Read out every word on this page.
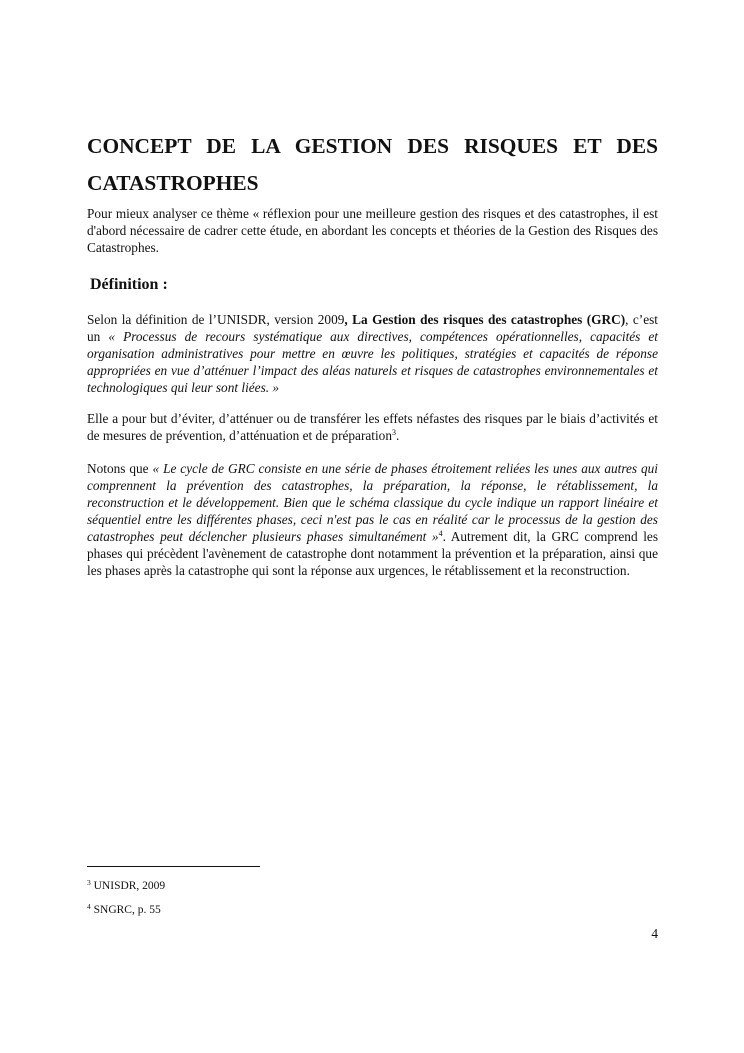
CONCEPT DE LA GESTION DES RISQUES ET DES CATASTROPHES

Pour mieux analyser ce thème « réflexion pour une meilleure gestion des risques et des catastrophes, il est d'abord nécessaire de cadrer cette étude, en abordant les concepts et théories de la Gestion des Risques des Catastrophes.

Définition :

Selon la définition de l’UNISDR, version 2009, La Gestion des risques des catastrophes (GRC), c’est un « Processus de recours systématique aux directives, compétences opérationnelles, capacités et organisation administratives pour mettre en œuvre les politiques, stratégies et capacités de réponse appropriées en vue d’atténuer l’impact des aléas naturels et risques de catastrophes environnementales et technologiques qui leur sont liées. »

Elle a pour but d’éviter, d’atténuer ou de transférer les effets néfastes des risques par le biais d’activités et de mesures de prévention, d’atténuation et de préparation$^3$.

Notons que « Le cycle de GRC consiste en une série de phases étroitement reliées les unes aux autres qui comprennent la prévention des catastrophes, la préparation, la réponse, le rétablissement, la reconstruction et le développement. Bien que le schéma classique du cycle indique un rapport linéaire et séquentiel entre les différentes phases, ceci n'est pas le cas en réalité car le processus de la gestion des catastrophes peut déclencher plusieurs phases simultanément »$^4$. Autrement dit, la GRC comprend les phases qui précèdent l'avènement de catastrophe dont notamment la prévention et la préparation, ainsi que les phases après la catastrophe qui sont la réponse aux urgences, le rétablissement et la reconstruction.

$^3$ UNISDR, 2009
$^4$ SNGRC, p. 55
4
